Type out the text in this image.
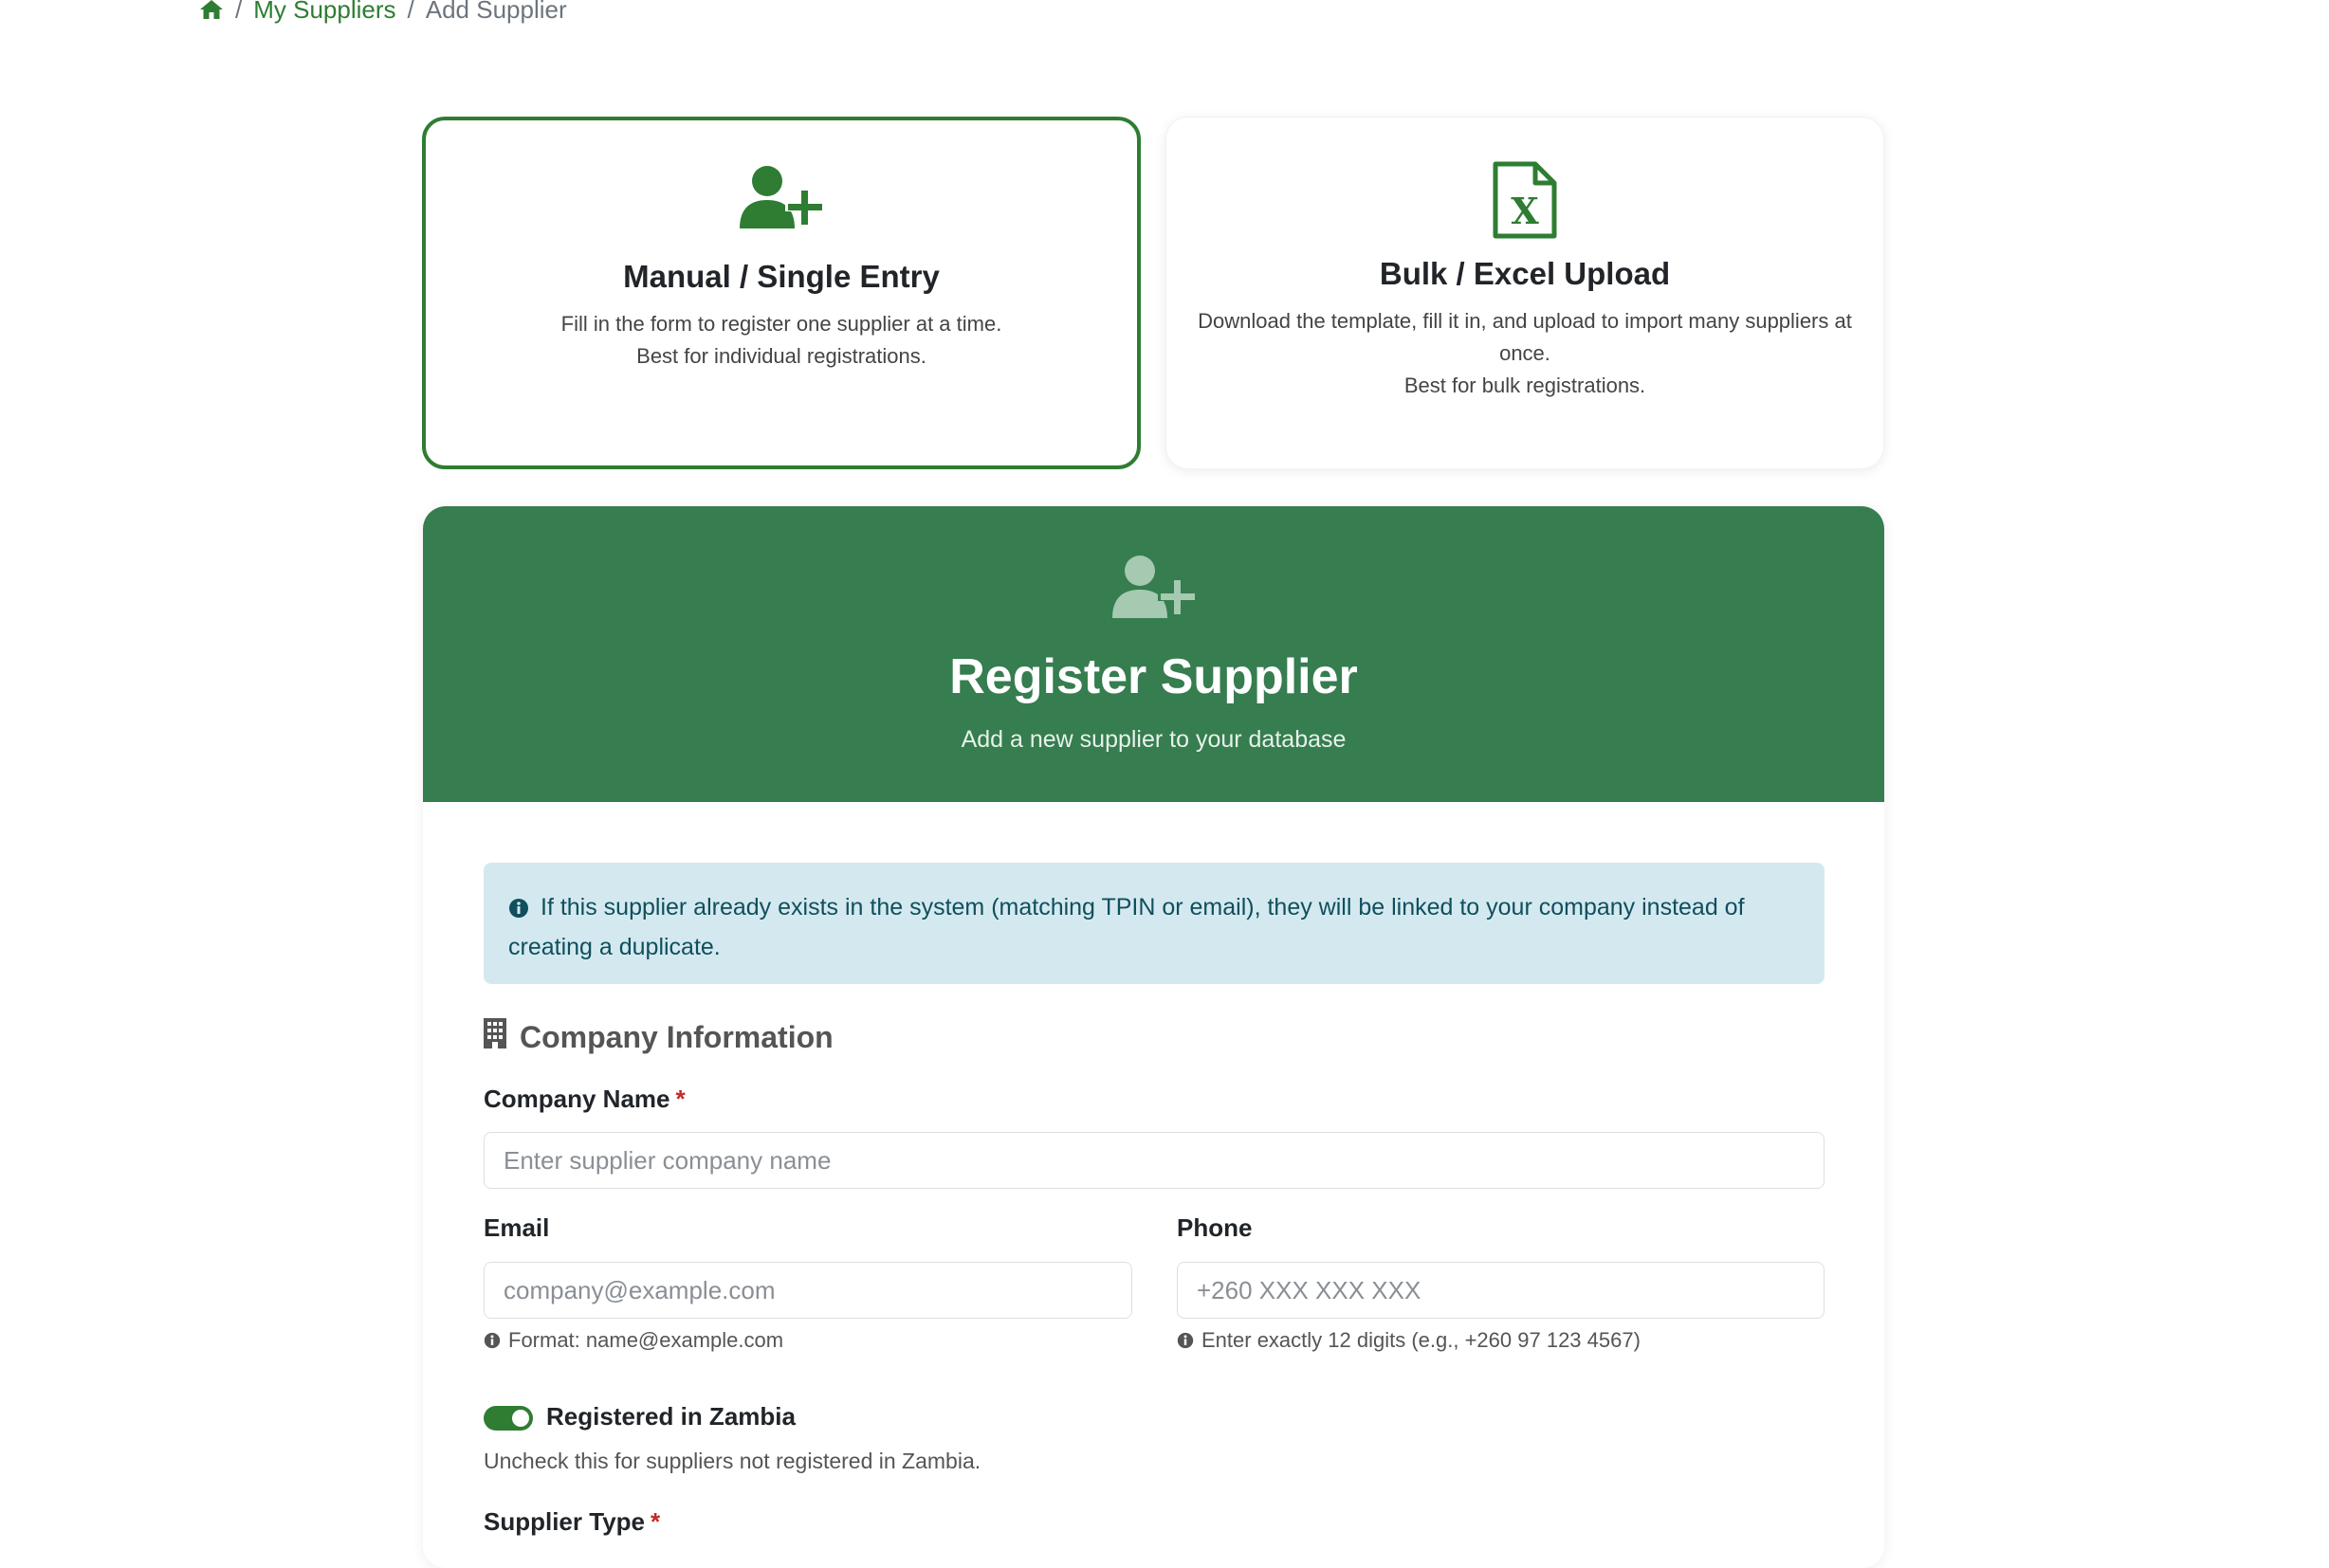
/ My Suppliers / Add Supplier
Manual / Single Entry
Fill in the form to register one supplier at a time.
Best for individual registrations.
X
Bulk / Excel Upload
Download the template, fill it in, and upload to import many suppliers at once.
Best for bulk registrations.
Register Supplier
Add a new supplier to your database
If this supplier already exists in the system (matching TPIN or email), they will be linked to your company instead of creating a duplicate.
Company Information
Company Name *
Enter supplier company name
Email
company@example.com
Format: name@example.com
Phone
+260 XXX XXX XXX
Enter exactly 12 digits (e.g., +260 97 123 4567)
Registered in Zambia
Uncheck this for suppliers not registered in Zambia.
Supplier Type *
